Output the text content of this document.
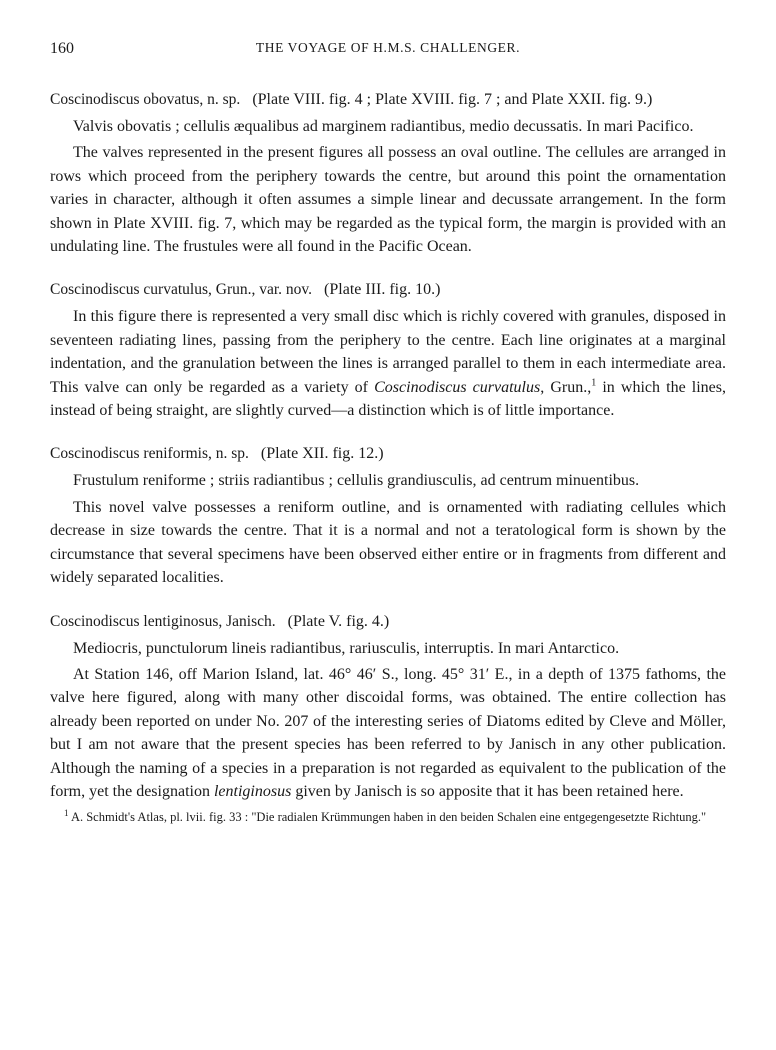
160	THE VOYAGE OF H.M.S. CHALLENGER.

Coscinodiscus obovatus, n. sp. (Plate VIII. fig. 4 ; Plate XVIII. fig. 7 ; and Plate XXII. fig. 9.)

Valvis obovatis ; cellulis æqualibus ad marginem radiantibus, medio decussatis. In mari Pacifico.

The valves represented in the present figures all possess an oval outline. The cellules are arranged in rows which proceed from the periphery towards the centre, but around this point the ornamentation varies in character, although it often assumes a simple linear and decussate arrangement. In the form shown in Plate XVIII. fig. 7, which may be regarded as the typical form, the margin is provided with an undulating line. The frustules were all found in the Pacific Ocean.

Coscinodiscus curvatulus, Grun., var. nov. (Plate III. fig. 10.)

In this figure there is represented a very small disc which is richly covered with granules, disposed in seventeen radiating lines, passing from the periphery to the centre. Each line originates at a marginal indentation, and the granulation between the lines is arranged parallel to them in each intermediate area. This valve can only be regarded as a variety of Coscinodiscus curvatulus, Grun.,$^1$ in which the lines, instead of being straight, are slightly curved—a distinction which is of little importance.

Coscinodiscus reniformis, n. sp. (Plate XII. fig. 12.)

Frustulum reniforme ; striis radiantibus ; cellulis grandiusculis, ad centrum minuentibus.

This novel valve possesses a reniform outline, and is ornamented with radiating cellules which decrease in size towards the centre. That it is a normal and not a teratological form is shown by the circumstance that several specimens have been observed either entire or in fragments from different and widely separated localities.

Coscinodiscus lentiginosus, Janisch. (Plate V. fig. 4.)

Mediocris, punctulorum lineis radiantibus, rariusculis, interruptis. In mari Antarctico.

At Station 146, off Marion Island, lat. 46° 46′ S., long. 45° 31′ E., in a depth of 1375 fathoms, the valve here figured, along with many other discoidal forms, was obtained. The entire collection has already been reported on under No. 207 of the interesting series of Diatoms edited by Cleve and Möller, but I am not aware that the present species has been referred to by Janisch in any other publication. Although the naming of a species in a preparation is not regarded as equivalent to the publication of the form, yet the designation lentiginosus given by Janisch is so apposite that it has been retained here.

$^1$ A. Schmidt's Atlas, pl. lvii. fig. 33 : "Die radialen Krümmungen haben in den beiden Schalen eine entgegengesetzte Richtung."
